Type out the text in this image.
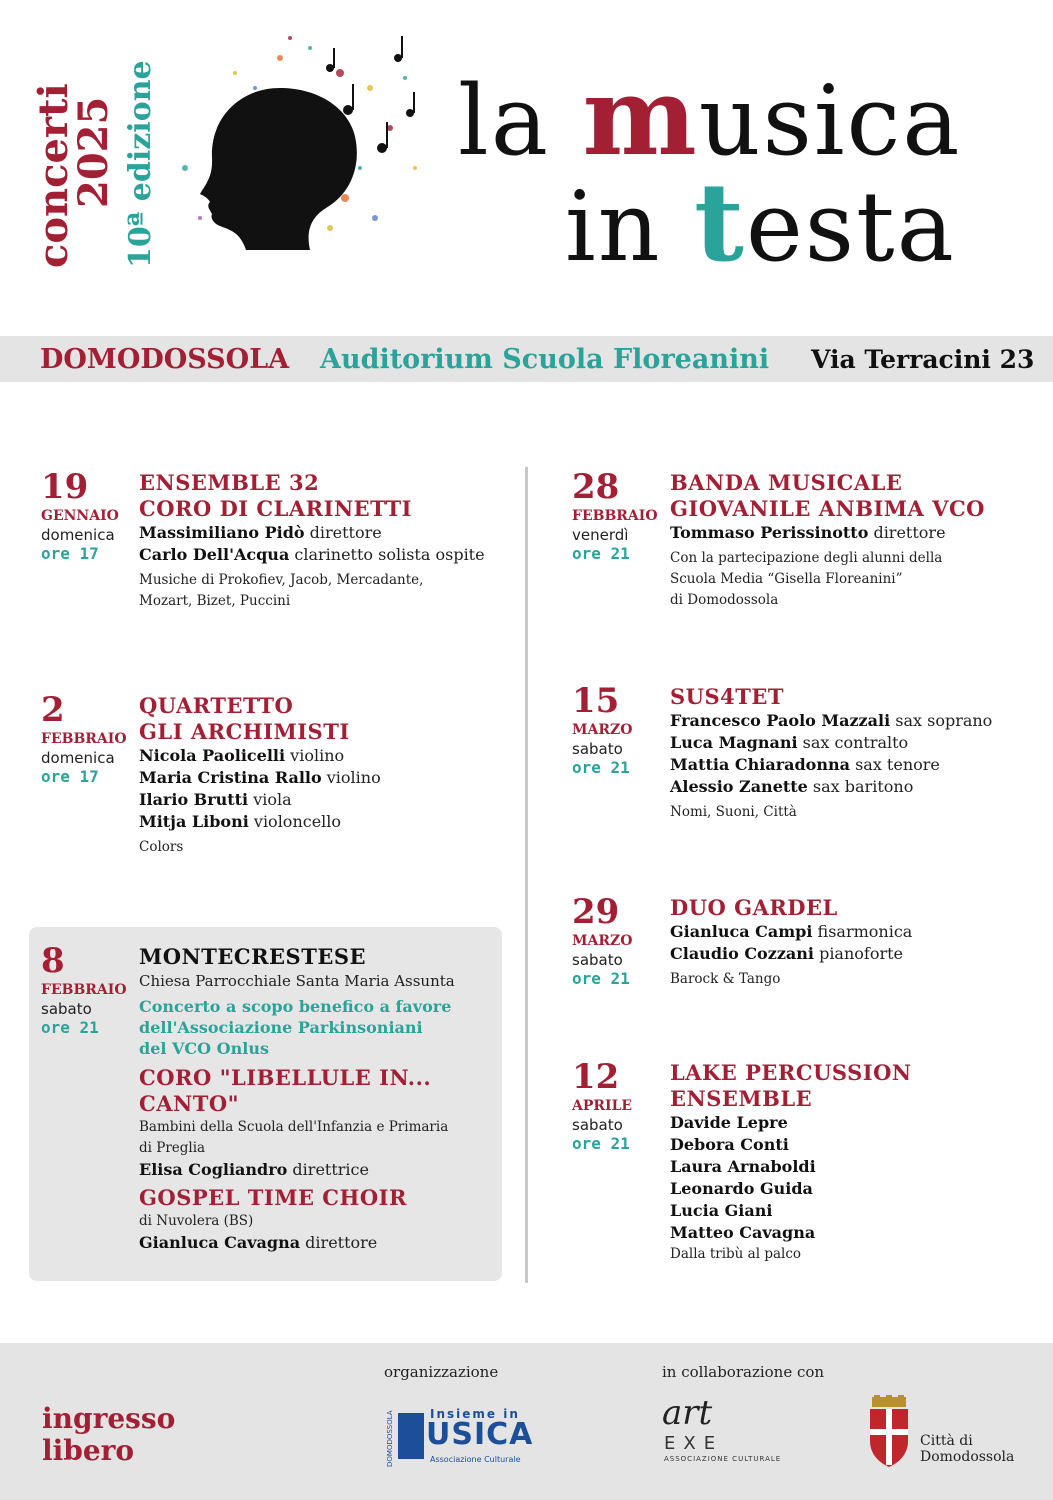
concerti
2025 10ª edizione	la musica
in testa
DOMODOSSOLA Auditorium Scuola Floreanini Via Terracini 23
19
GENNAIO
domenica
ore 17
ENSEMBLE 32
CORO DI CLARINETTI
Massimiliano Pidò direttore
Carlo Dell'Acqua clarinetto solista ospite
Musiche di Prokofiev, Jacob, Mercadante,
Mozart, Bizet, Puccini
2
FEBBRAIO
domenica
ore 17
QUARTETTO
GLI ARCHIMISTI
Nicola Paolicelli violino
Maria Cristina Rallo violino
Ilario Brutti viola
Mitja Liboni violoncello
Colors
8
FEBBRAIO
sabato
ore 21
MONTECRESTESE
Chiesa Parrocchiale Santa Maria Assunta
Concerto a scopo benefico a favore
dell'Associazione Parkinsoniani
del VCO Onlus
CORO "LIBELLULE IN...
CANTO"
Bambini della Scuola dell'Infanzia e Primaria
di Preglia
Elisa Cogliandro direttrice
GOSPEL TIME CHOIR
di Nuvolera (BS)
Gianluca Cavagna direttore
28
FEBBRAIO
venerdì
ore 21
BANDA MUSICALE
GIOVANILE ANBIMA VCO
Tommaso Perissinotto direttore
Con la partecipazione degli alunni della
Scuola Media “Gisella Floreanini”
di Domodossola
15
MARZO
sabato
ore 21
SUS4TET
Francesco Paolo Mazzali sax soprano
Luca Magnani sax contralto
Mattia Chiaradonna sax tenore
Alessio Zanette sax baritono
Nomi, Suoni, Città
29
MARZO
sabato
ore 21
DUO GARDEL
Gianluca Campi fisarmonica
Claudio Cozzani pianoforte
Barock & Tango
12
APRILE
sabato
ore 21
LAKE PERCUSSION
ENSEMBLE
Davide Lepre
Debora Conti
Laura Arnaboldi
Leonardo Guida
Lucia Giani
Matteo Cavagna
Dalla tribù al palco
ingresso
libero
organizzazione
DOMODOSSOLA	Insieme in
USICA
Associazione Culturale
in collaborazione con
art
EXE
ASSOCIAZIONE CULTURALE
Città di
Domodossola
